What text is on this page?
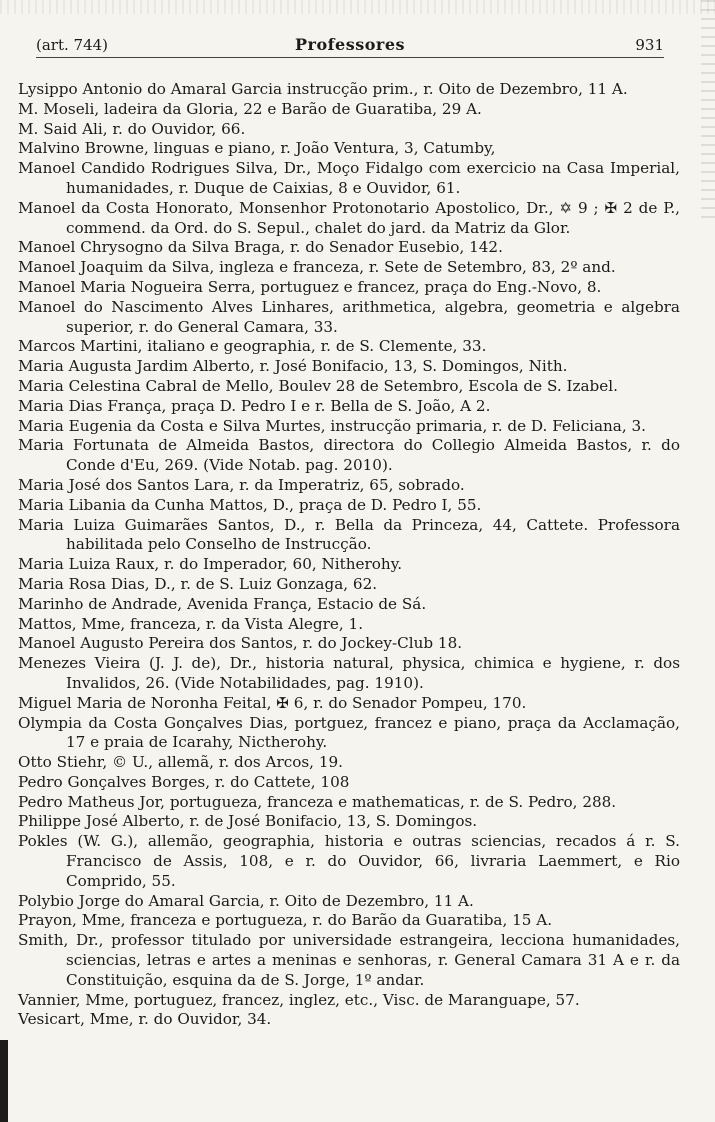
(art. 744)	Professores	931

Lysippo Antonio do Amaral Garcia instrucção prim., r. Oito de Dezembro, 11 A.

M. Moseli, ladeira da Gloria, 22 e Barão de Guaratiba, 29 A.

M. Said Ali, r. do Ouvidor, 66.

Malvino Browne, linguas e piano, r. João Ventura, 3, Catumby,

Manoel Candido Rodrigues Silva, Dr., Moço Fidalgo com exercicio na Casa Imperial, humanidades, r. Duque de Caixias, 8 e Ouvidor, 61.

Manoel da Costa Honorato, Monsenhor Protonotario Apostolico, Dr., ✡ 9 ; ✠ 2 de P., commend. da Ord. do S. Sepul., chalet do jard. da Matriz da Glor.

Manoel Chrysogno da Silva Braga, r. do Senador Eusebio, 142.

Manoel Joaquim da Silva, ingleza e franceza, r. Sete de Setembro, 83, 2º and.

Manoel Maria Nogueira Serra, portuguez e francez, praça do Eng.-Novo, 8.

Manoel do Nascimento Alves Linhares, arithmetica, algebra, geometria e algebra superior, r. do General Camara, 33.

Marcos Martini, italiano e geographia, r. de S. Clemente, 33.

Maria Augusta Jardim Alberto, r. José Bonifacio, 13, S. Domingos, Nith.

Maria Celestina Cabral de Mello, Boulev 28 de Setembro, Escola de S. Izabel.

Maria Dias França, praça D. Pedro I e r. Bella de S. João, A 2.

Maria Eugenia da Costa e Silva Murtes, instrucção primaria, r. de D. Feliciana, 3.

Maria Fortunata de Almeida Bastos, directora do Collegio Almeida Bastos, r. do Conde d'Eu, 269. (Vide Notab. pag. 2010).

Maria José dos Santos Lara, r. da Imperatriz, 65, sobrado.

Maria Libania da Cunha Mattos, D., praça de D. Pedro I, 55.

Maria Luiza Guimarães Santos, D., r. Bella da Princeza, 44, Cattete. Professora habilitada pelo Conselho de Instrucção.

Maria Luiza Raux, r. do Imperador, 60, Nitherohy.

Maria Rosa Dias, D., r. de S. Luiz Gonzaga, 62.

Marinho de Andrade, Avenida França, Estacio de Sá.

Mattos, Mme, franceza, r. da Vista Alegre, 1.

Manoel Augusto Pereira dos Santos, r. do Jockey-Club 18.

Menezes Vieira (J. J. de), Dr., historia natural, physica, chimica e hygiene, r. dos Invalidos, 26. (Vide Notabilidades, pag. 1910).

Miguel Maria de Noronha Feital, ✠ 6, r. do Senador Pompeu, 170.

Olympia da Costa Gonçalves Dias, portguez, francez e piano, praça da Acclamação, 17 e praia de Icarahy, Nictherohy.

Otto Stiehr, © U., allemã, r. dos Arcos, 19.

Pedro Gonçalves Borges, r. do Cattete, 108

Pedro Matheus Jor, portugueza, franceza e mathematicas, r. de S. Pedro, 288.

Philippe José Alberto, r. de José Bonifacio, 13, S. Domingos.

Pokles (W. G.), allemão, geographia, historia e outras sciencias, recados á r. S. Francisco de Assis, 108, e r. do Ouvidor, 66, livraria Laemmert, e Rio Comprido, 55.

Polybio Jorge do Amaral Garcia, r. Oito de Dezembro, 11 A.

Prayon, Mme, franceza e portugueza, r. do Barão da Guaratiba, 15 A.

Smith, Dr., professor titulado por universidade estrangeira, lecciona humanidades, sciencias, letras e artes a meninas e senhoras, r. General Camara 31 A e r. da Constituição, esquina da de S. Jorge, 1º andar.

Vannier, Mme, portuguez, francez, inglez, etc., Visc. de Maranguape, 57.

Vesicart, Mme, r. do Ouvidor, 34.
